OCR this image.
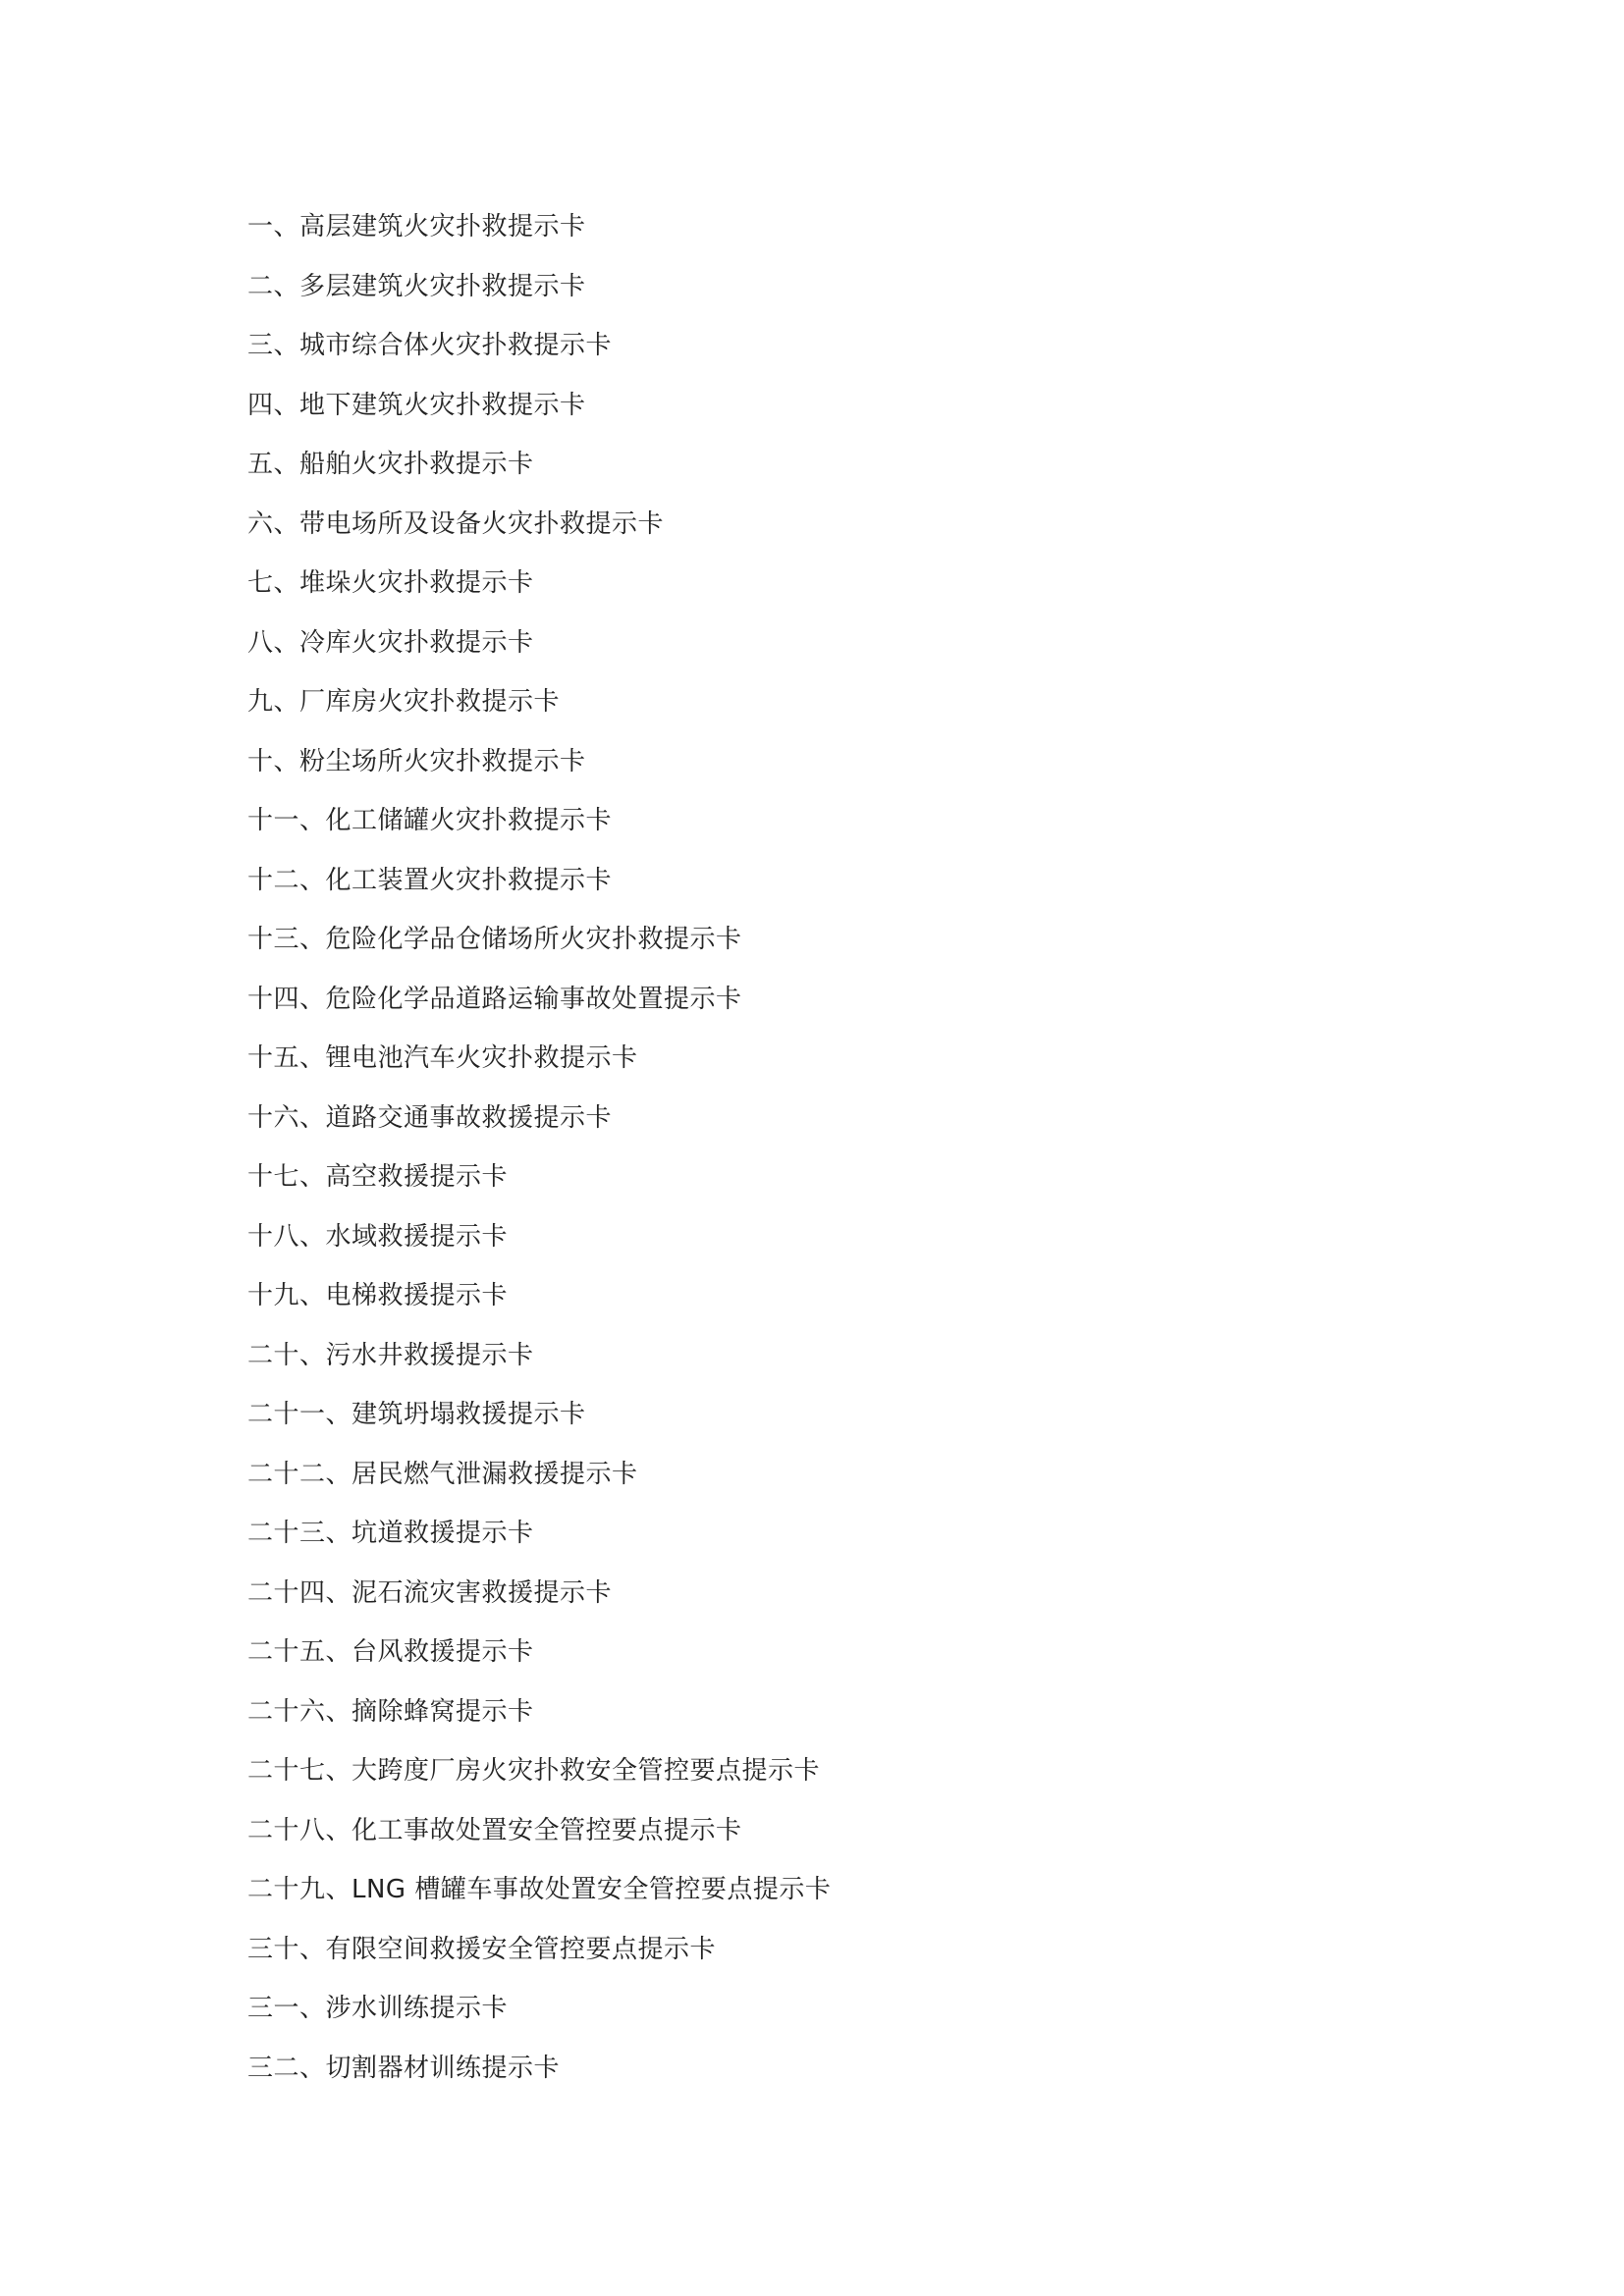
一、高层建筑火灾扑救提示卡
二、多层建筑火灾扑救提示卡
三、城市综合体火灾扑救提示卡
四、地下建筑火灾扑救提示卡
五、船舶火灾扑救提示卡
六、带电场所及设备火灾扑救提示卡
七、堆垛火灾扑救提示卡
八、冷库火灾扑救提示卡
九、厂库房火灾扑救提示卡
十、粉尘场所火灾扑救提示卡
十一、化工储罐火灾扑救提示卡
十二、化工装置火灾扑救提示卡
十三、危险化学品仓储场所火灾扑救提示卡
十四、危险化学品道路运输事故处置提示卡
十五、锂电池汽车火灾扑救提示卡
十六、道路交通事故救援提示卡
十七、高空救援提示卡
十八、水域救援提示卡
十九、电梯救援提示卡
二十、污水井救援提示卡
二十一、建筑坍塌救援提示卡
二十二、居民燃气泄漏救援提示卡
二十三、坑道救援提示卡
二十四、泥石流灾害救援提示卡
二十五、台风救援提示卡
二十六、摘除蜂窝提示卡
二十七、大跨度厂房火灾扑救安全管控要点提示卡
二十八、化工事故处置安全管控要点提示卡
二十九、LNG 槽罐车事故处置安全管控要点提示卡
三十、有限空间救援安全管控要点提示卡
三一、涉水训练提示卡
三二、切割器材训练提示卡
